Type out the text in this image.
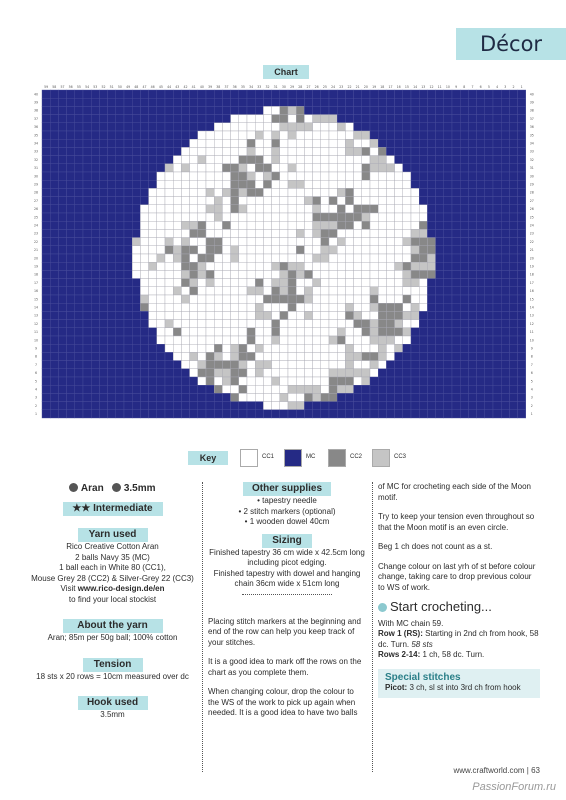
Décor
Chart
59 58 57 56 55 54 53 52 51 50 49 48 47 46 45 44 43 42 41 40 39 38 37 36 35 34 33 32 31 30 29 28 27 26 25 24 23 22 21 20 19 18 17 16 15 14 13 12 11 10 9 8 7 6 5 4 3 2 1
40	40
39	39
38	38
37	37
36	36
35	35
34	34
33	33
32	32
31	31
30	30
29	29
28	28
27	27
26	26
25	25
24	24
23	23
22	22
21	21
20	20
19	19
18	18
17	17
16	16
15	15
14	14
13	13
12	12
11	11
10	10
9	9
8	8
7	7
6	6
5	5
4	4
3	3
2	2
1	1
Key	CC1	MC	CC2	CC3
Aran 3.5mm
★★ Intermediate
Yarn used

Rico Creative Cotton Aran

2 balls Navy 35 (MC)

1 ball each in White 80 (CC1),

Mouse Grey 28 (CC2) & Silver-Grey 22 (CC3)

Visit www.rico-design.de/en

to find your local stockist

About the yarn

Aran; 85m per 50g ball; 100% cotton

Tension

18 sts x 20 rows = 10cm measured over dc

Hook used

3.5mm

Other supplies

• tapestry needle

• 2 stitch markers (optional)

• 1 wooden dowel 40cm

Sizing

Finished tapestry 36 cm wide x 42.5cm long including picot edging.

Finished tapestry with dowel and hanging chain 36cm wide x 51cm long

Placing stitch markers at the beginning and end of the row can help you keep track of your stitches.

It is a good idea to mark off the rows on the chart as you complete them.

When changing colour, drop the colour to the WS of the work to pick up again when needed. It is a good idea to have two balls

of MC for crocheting each side of the Moon motif.

Try to keep your tension even throughout so that the Moon motif is an even circle.

Beg 1 ch does not count as a st.

Change colour on last yrh of st before colour change, taking care to drop previous colour to WS of work.

Start crocheting...

With MC chain 59.

Row 1 (RS): Starting in 2nd ch from hook, 58 dc. Turn. 58 sts

Rows 2-14: 1 ch, 58 dc. Turn.

Special stitches

Picot: 3 ch, sl st into 3rd ch from hook

www.craftworld.com | 63
PassionForum.ru
